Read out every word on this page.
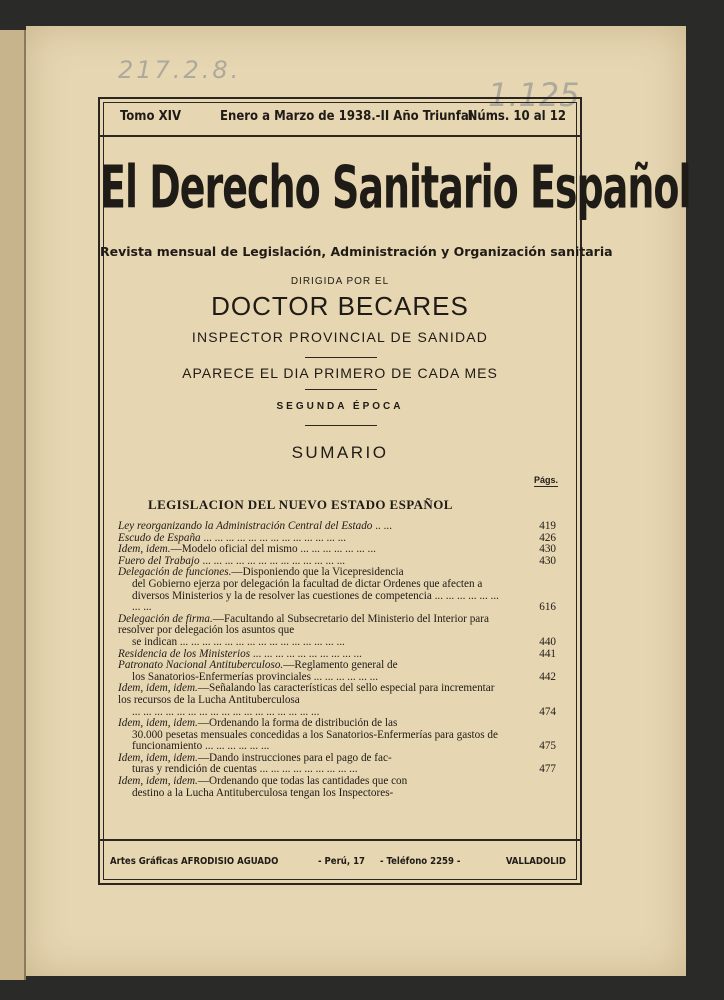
217.2.8.
1.125
Tomo XIV	Enero a Marzo de 1938.-II Año Triunfal
Núms. 10 al 12
El Derecho Sanitario Español
Revista mensual de Legislación, Administración y Organización sanitaria
DIRIGIDA POR EL
DOCTOR BECARES
INSPECTOR PROVINCIAL DE SANIDAD
APARECE EL DIA PRIMERO DE CADA MES
SEGUNDA ÉPOCA
SUMARIO
Págs.
LEGISLACION DEL NUEVO ESTADO ESPAÑOL
Ley reorganizando la Administración Central del Estado .. ...	419
Escudo de España ... ... ... ... ... ... ... ... ... ... ... ... ...	426
Idem, idem.—Modelo oficial del mismo ... ... ... ... ... ... ...	430
Fuero del Trabajo ... ... ... ... ... ... ... ... ... ... ... ... ...	430
Delegación de funciones.—Disponiendo que la Vicepresidencia
del Gobierno ejerza por delegación la facultad de dictar Ordenes que afecten a diversos Ministerios y la de resolver las cuestiones de competencia ... ... ... ... ... ... ... ...	616
Delegación de firma.—Facultando al Subsecretario del Ministerio del Interior para resolver por delegación los asuntos que
se indican ... ... ... ... ... ... ... ... ... ... ... ... ... ... ...	440
Residencia de los Ministerios ... ... ... ... ... ... ... ... ... ...	441
Patronato Nacional Antituberculoso.—Reglamento general de
los Sanatorios-Enfermerías provinciales ... ... ... ... ... ...	442
Idem, idem, idem.—Señalando las características del sello especial para incrementar los recursos de la Lucha Antituberculosa
... ... ... ... ... ... ... ... ... ... ... ... ... ... ... ... ...	474
Idem, idem, idem.—Ordenando la forma de distribución de las
30.000 pesetas mensuales concedidas a los Sanatorios-Enfermerías para gastos de funcionamiento ... ... ... ... ... ...	475
Idem, idem, idem.—Dando instrucciones para el pago de fac-
turas y rendición de cuentas ... ... ... ... ... ... ... ... ...	477
Idem, idem, idem.—Ordenando que todas las cantidades que con
destino a la Lucha Antituberculosa tengan los Inspectores-
Artes Gráficas AFRODISIO AGUADO	- Perú, 17 - Teléfono 2259 -	VALLADOLID
